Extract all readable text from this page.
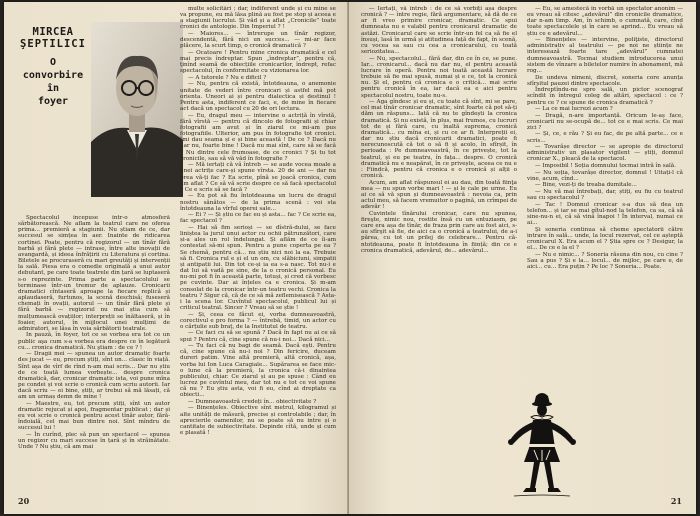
MIRCEA
ŞEPTILICI
O
convorbire
în
foyer

Spectacolul începuse într-o atmosferă sărbătorească. Ne aflam la teatrul care ne oferea prima... premieră a stagiunii. Nu știam de ce, dar succesul se simțea în aer. Inainte de ridicarea cortinei. Poate, pentru că regizorul — un tînăr fără barbă și fără plete — intrase, între alte inovații de avangardă, și ideea înfrățirii cu Literatura și cortina. Biletele se procuraseră cu mari greutăți și intervenții la sală. Piesa era o comedie originală a unui autor debutant, pe care toate teatrele din țară se luptaseră s-o reprezinte. Prima parte a spectacolului se terminase într-un tremur de aplauze. Cronicarii dramatici cîntaseră aproape la fiecare replică și aplaudaseră, furtunos, la scenă deschisă; fuseseră chemați în ovații, autorul — un tînăr fără plete și fără barbă — regizorul nu mai știa cum să mulțumească ovațiilor; interpreții se înăltaseră, și în foaier, autorul, în mijlocul unei mulțimi de admiratori, se lăsa în voia sărbătorii teatrale.

In pauză, în foyer, tot ce se vorbea era tot ce un public aşa cum s-a vorbea era despre ce în legătură cu... cronica dramatică. Nu ştiam : de ce ? !

— Dragii mei — spunea un autor dramatic foarte des jucat — eu, precum știți, sînt un... clasic în viață. Sînt așa de vîrf de rînd n-am mai scris... Dar nu știu de ce toată lumea vorbește... despre cronica dramatică, dar, cronicar dramatic ista, voi pune mîna pe condei și voi scrie o cronică cum scriu autorii. Iar dacă scriu — ei bine, știți, ar trebui să mă lăsați, că am un urmaș demn de mine !

— Maestre, eu, tot precum știți, sînt un autor dramatic rejucat și apoi, fragmentar publicat ; dar și eu voi scrie o cronică pentru acest tînăr autor, fără-îndoială, cel mai bun dintre noi. Sînt mîndru de succesul lui !

— În curînd, plec să pun un spectacol — spunea un regizor cu mari succese în țară și în străinătate. Unde ? Nu știu, că am mai

multe solicitări ; dar, indiferent unde și cu mine se va propune, eu mă lăsa plină au fost pe stop și aceea e a stagiunii lucrului. Și văd și a aflat „Cronicile” toate cronici de antologie. Din Imperiul ? !

— Maiores... — întrerupe un tînăr regizor, descendentă, fără nici un succes... — mi-ar face plăcere, la scurt timp, o cronică dramatică ?

— Ocatoare ! Pentru mine cronica dramatică e cel mai precis îndreptar. Spun „îndreptar”, pentru că, ținînd seamă de obiecțiile cronicarilor, îndrept, refac spectacolul, în conformitate cu vizionarea lor.

— A tutorele ? Nu e dificil ?

— Nu, pentru că există, întotdeauna, o anemonie unitate de vederi între cronicari și astfel mă pot orienta. Uneori ai și pentru dialectica și destinul ! Pentru asta, indiferent ce faci, e, de mine în fiecare act dacă un spectacol cu 20 de ori lectura.

— Eu, dragul meu — intervine o actriță în vîrstă, fără vîrstă — pentru că dincolo de fotografii și chiar fotografii am avut și în ziarul ce mi-am pus fotografiile. Ulterior, am pus în fotografie tot cronici. Îmi dau seama și e și bine această ! De ce ? Dacă nu dar nu, foarte bine ! Dacă nu mai sînt, care să se facă ? Nu dintre cele frumoase, de ce cronici ? Și tu tot cronicile, sau să vă văd în fotografie ?

— Mă iertați că vă întreb — se aude vocea moale a unei actrițe care-și spune vîrsta. 20 de ani — dar nu prea vă-ți fac ? Ea scrie, pînă se joacă cronica, cum am aflat ? Ce să vă scrie despre ce să facă spectacolul ? Ce e scris să se facă ?

— Eu pot să fiu întotdeauna un lucru de dragul nostru sănătos — de la prima scenă : voi sta întotdeauna la vîrful operei sale...

— Ei ? — Și știu ce fac eu și asta... fac ? Ce scrie ea, fac spectacol ?

— Hai să fim serioși — se dîstră-dului, se face liniștea la jurul unui actor cu ochii pătrunzători, care și-a ales un rol îndelungat. Și aflăm de ce îi-am contestat să-mi spun. Pentru a pune coperta pe ea ? Se chemă, pentru că... nu știu nici noi la ea. Trebuie să fi. Cronica rul e și el un om, cu slăbiciuni, simpatii și antipatii lui. Din tot ce-și ia ea s-a nasc. Tot nu-i e dat lui să vadă pe sine, de la o cronică personal. Eu nu-mi pot fi în această parte, totuși, și cred că vorbesc pe cuvinte. Dar ai înțeles ca e cronica. Și m-am consolat de la cronicar într-un teatru vechi. Cronica la teatru ? Sigur că, că de ce să mă zeflemisească ? Asta-i la scena lor. Cuvîntul spectacolul, publicul lui și criticul teatral. Sincer ? Vreau să se știe !

— Și, ceea ce făcut ei, vorba dumneavoastră, corectivul e pro forma ? — întrebă, timid, un actor cu o cărțulie sub braț, de la Institutul de teatru.

— Ce faci cu să se spună ? Dacă în fapt nu ai ce să spui ? Pentru că, cine spune că nu-i noi... Dacă nici...

— Tu faci că nu bagi de seamă. Dacă ești. Pentru că, cine spune că nu-i noi ? Din fericire, duceam dureri patim. Vine altă premieră, altă cronică, așa, vorba lui Ion Luca Caragiale... Supărarea se face mic-o lune că la premieră, la cronica că-i dinaintea publicului, chiar. Ce ziarul și au pe spuse : Când eu lucrez pe cuvîntul meu, dar tot nu e tot ce voi spune că nu ? Eu știu asta, voi fi eu, cînd ai dreptate ca obiecti...

— Dumneavoastră credeți în... obiectivitate ?

— Binențeles. Obiective sînt metrul, kilogramul și alte unități de măsură, precise și controlabile ; dar, în aprecierile oamenilor, nu se poate să nu intre și o cantitate de subiectivitate. Depinde cîtă, unde și cum e plasată !

20

— Iertați, vă întreb : de ce să vorbiți așa despre cronică ? — între regie, fără argumentare, să dă de ce ar fi vreo primire cronicar, dramatic. Ce spui dumneata nu e valabil pentru cronicarul dramatic de astăzi. Cronicarul care se scrie într-un fel ca să fie el însuși, lasă în urmă și atitudinea față de fapt, în scenă, cu vocea sa sau cu cea a cronicarului, cu toată seriozitatea...

— Nu, spectacolul... fără dar, din ce în ce, se pune. Iar... cronicarul... dacă nu dar nu, el pentru această lucrare în operă. Pentru noi toată această lucrare trebuie să fie mai spusă, numai și e ce, tot la cronică nu. Și el, pentru că cronica e o critică... mai scrie pentru cronică în ea, iar dacă ea e aici pentru spectacolul nostru, toate nu-s.

— Aga gîndesc și eu și, cu toate că sînt, mi se pare, cel mai tînăr cronicar dramatic, sînt foarte că pot să-ți dăm un răspuns... Iată că nu te gîndești la cronica dramatică. Și nu există, în plus, mai frumos, cu lucruri tot de și fără care, cu înaltă suprema, cronică dramatică... cu mîna ei, și cu ce ar fi. Interpreții ei, dar nu știu dacă cronicarii dramatici, poate fi nerecunoscută că tot o să fi și acolo, în sfîrșit, în perioada : Pe dumneavoastră, în ce privește, tot la teatrul, și eu pe teatru, în fața... despre. O cronică dramatică nu e neapărat, în ce privește, aceea ce nu e : Fiindcă, pentru că cronica e o cronică și alții o cronică.

Acum, am aflat răspunsul ei au dau, din toată fiinţa mea — nu spun vorbe mari ! — și le cale pe urme. Eu ai ce să vă spun și dumneavoastră : nevoia ca, prin actul meu, să facem vremuitor o pagină, un crîmpei de adevăr !

Cuvintele tînărului cronicar, care nu spunea, fireşte, nimic nou, rostite însă cu un entuziasm, pe care era așa de tînăr, de fraza prin care au fost aici, s-au sfîrşit să fie, de aici ca o cronică a teatrului, de a-i părea, cu tot un prilej de celebrare... Pentru că-ntotdeauna, poate fi întotdeauna în ființă; din ce e cronica dramatică, adevărul, de... adevărul...

— Eu, se amestecă în vorbă un spectator anonim — eu vreau să citesc „adevărul” din cronicile dramatice, dar n-am timp. Am, în schimb, o cumnată, care, cînd toate spectacolele și în care se aprind... Eu vreau să știu ce e adevărul...

— Binențeles — intervine, poliţiste, directorul administrativ al teatrului — pe noi ne științe ne interesează foarte tare „adevărul” cumnatei dumneavoastră. Tocmai studiem introducerea unui sistem de vînzare a biletelor numire în abonament, mă rog...

De undeva nimeni, discret, soneria core anunța sfîrșitul pauzei dintre spectacole.

Îndreptîndu-ne spre sală, un pictor scenograf scîndit în întregul coleg de altări, spectacol : ce ? pentru ce ? ce spune de cronica dramatică ?

— La ce mai lucrezi acum ?

— Dragă, n-are importanță. Oricum le-aș face, cronicarii nu se-ocupă de... tot ce e mai scris. Ce mai zici ?

— Și, ce, e rău ? Și eu fac, de pe altă parte... ce e scris...

— Tovarășe director — se apropie de directorul administrativ un plasator vigilent — știți, domnul cronicar X., pleacă de la spectacol.

— Imposibil ! Soția domnului tocmai intră în sală.

— Nu soția, tovarășe director, domnul ! Uitați-l că vine, acum, cînd...

— Bine, vezi-ți de treaba dumitale...

— Nu vă mai întrebați, dar, știți, eu fiu cu teatrul sau cu spectacolul ?

— Tac ! Domnul cronicar s-a dus să dea un telefon... și iar se mai gîtul-nod la telefon, ca sa, că să sine-nu-n ei, că să vină înapoi ! În interval, numai ce ai...

Și soneria continua să cheme spectatorii către intrare în sală... unde, la locul rezervat, cel ce așteptă cronicarul X. Era acum el ? Știa spre ce ? Desigur, la el... De ce e la el ?

— Nu e nimic... ? Soneria răsuna din nou, cu cine ? Sau a pus ? Și e la... locul... de mijloc, pe care e, de aici... cu... Era puțin ? Pe loc ? Soneria... Poate.

21
